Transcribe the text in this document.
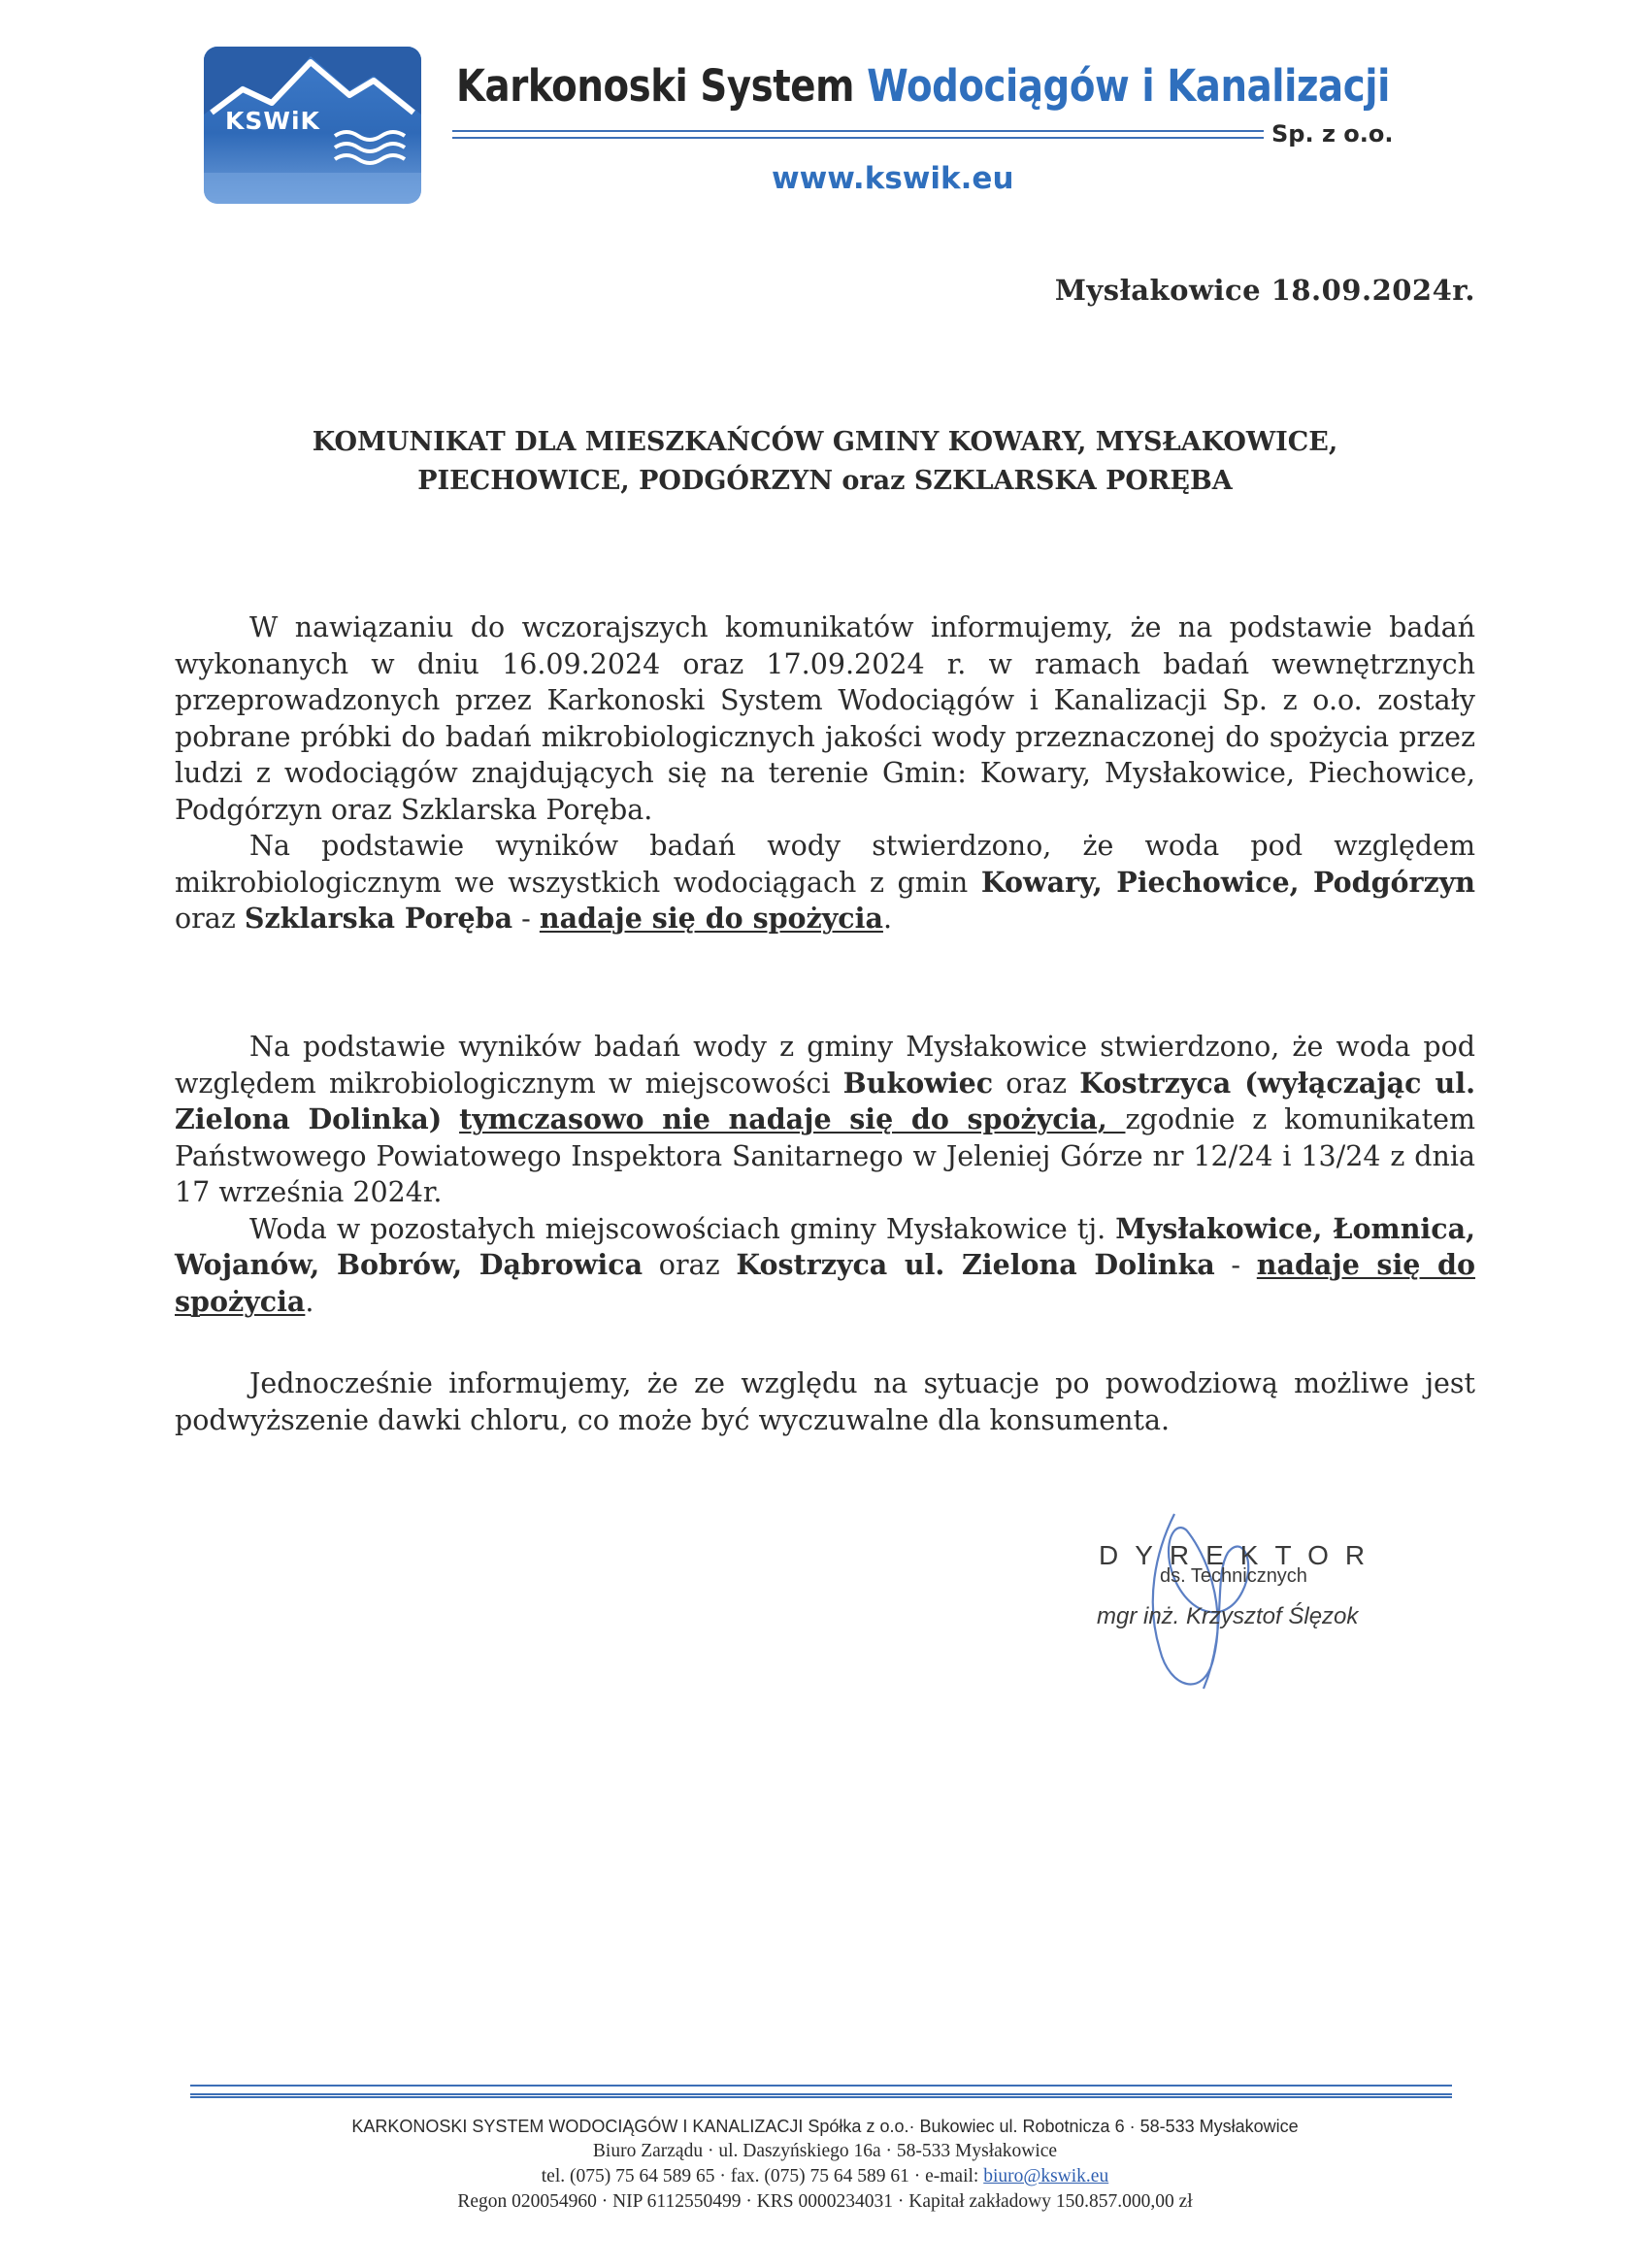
KSWiK
Karkonoski System Wodociągów i Kanalizacji
Sp. z o.o.
www.kswik.eu
Mysłakowice 18.09.2024r.
KOMUNIKAT DLA MIESZKAŃCÓW GMINY KOWARY, MYSŁAKOWICE,
PIECHOWICE, PODGÓRZYN oraz SZKLARSKA PORĘBA

W nawiązaniu do wczorajszych komunikatów informujemy, że na podstawie badań wykonanych w dniu 16.09.2024 oraz 17.09.2024 r. w ramach badań wewnętrznych przeprowadzonych przez Karkonoski System Wodociągów i Kanalizacji Sp. z o.o. zostały pobrane próbki do badań mikrobiologicznych jakości wody przeznaczonej do spożycia przez ludzi z wodociągów znajdujących się na terenie Gmin: Kowary, Mysłakowice, Piechowice, Podgórzyn oraz Szklarska Poręba.

Na podstawie wyników badań wody stwierdzono, że woda pod względem mikrobiologicznym we wszystkich wodociągach z gmin Kowary, Piechowice, Podgórzyn oraz Szklarska Poręba - nadaje się do spożycia.

Na podstawie wyników badań wody z gminy Mysłakowice stwierdzono, że woda pod względem mikrobiologicznym w miejscowości Bukowiec oraz Kostrzyca (wyłączając ul. Zielona Dolinka) tymczasowo nie nadaje się do spożycia, zgodnie z komunikatem Państwowego Powiatowego Inspektora Sanitarnego w Jeleniej Górze nr 12/24 i 13/24 z dnia 17 września 2024r.

Woda w pozostałych miejscowościach gminy Mysłakowice tj. Mysłakowice, Łomnica, Wojanów, Bobrów, Dąbrowica oraz Kostrzyca ul. Zielona Dolinka - nadaje się do spożycia.

Jednocześnie informujemy, że ze względu na sytuacje po powodziową możliwe jest podwyższenie dawki chloru, co może być wyczuwalne dla konsumenta.

DYREKTOR
ds. Technicznych
mgr inż. Krzysztof Ślęzok
KARKONOSKI SYSTEM WODOCIĄGÓW I KANALIZACJI Spółka z o.o.· Bukowiec ul. Robotnicza 6 · 58-533 Mysłakowice
Biuro Zarządu · ul. Daszyńskiego 16a · 58-533 Mysłakowice
tel. (075) 75 64 589 65 · fax. (075) 75 64 589 61 · e-mail: biuro@kswik.eu
Regon 020054960 · NIP 6112550499 · KRS 0000234031 · Kapitał zakładowy 150.857.000,00 zł
